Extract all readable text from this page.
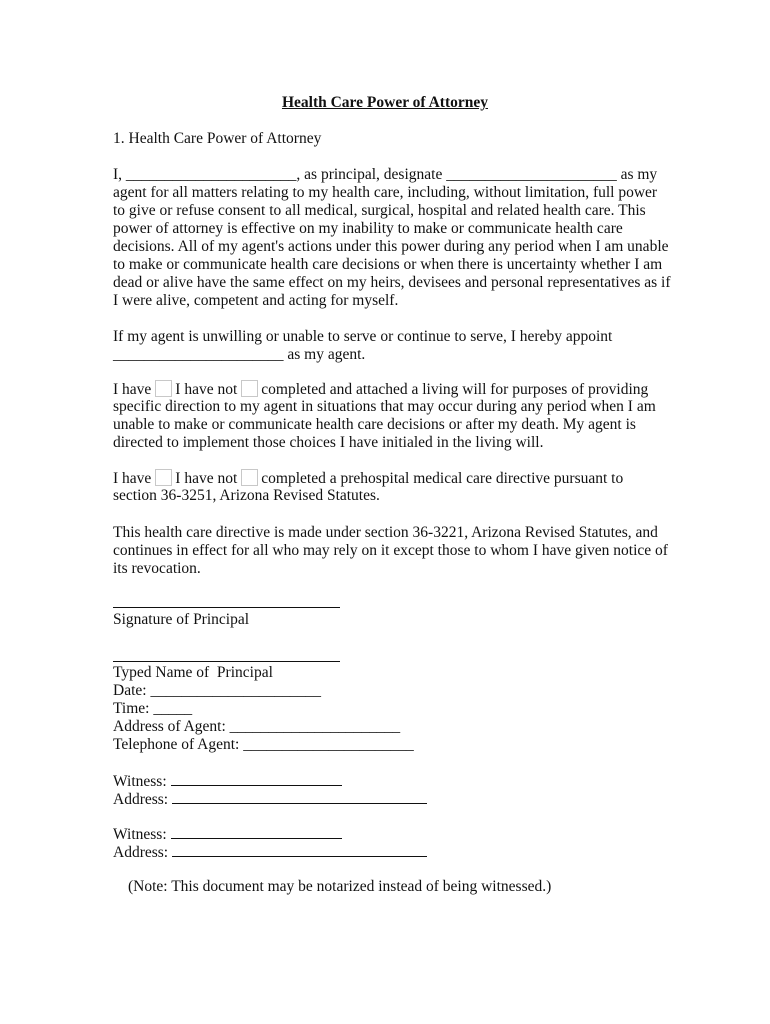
Health Care Power of Attorney
1. Health Care Power of Attorney
I, ______________________, as principal, designate ______________________ as my
agent for all matters relating to my health care, including, without limitation, full power
to give or refuse consent to all medical, surgical, hospital and related health care. This
power of attorney is effective on my inability to make or communicate health care
decisions. All of my agent's actions under this power during any period when I am unable
to make or communicate health care decisions or when there is uncertainty whether I am
dead or alive have the same effect on my heirs, devisees and personal representatives as if
I were alive, competent and acting for myself.
If my agent is unwilling or unable to serve or continue to serve, I hereby appoint
______________________ as my agent.
I have I have not completed and attached a living will for purposes of providing
specific direction to my agent in situations that may occur during any period when I am
unable to make or communicate health care decisions or after my death. My agent is
directed to implement those choices I have initialed in the living will.
I have I have not completed a prehospital medical care directive pursuant to
section 36-3251, Arizona Revised Statutes.
This health care directive is made under section 36-3221, Arizona Revised Statutes, and
continues in effect for all who may rely on it except those to whom I have given notice of
its revocation.
Signature of Principal
Typed Name of  Principal
Date: ______________________
Time: _____
Address of Agent: ______________________
Telephone of Agent: ______________________
Witness:
Address:
Witness:
Address:
(Note: This document may be notarized instead of being witnessed.)
